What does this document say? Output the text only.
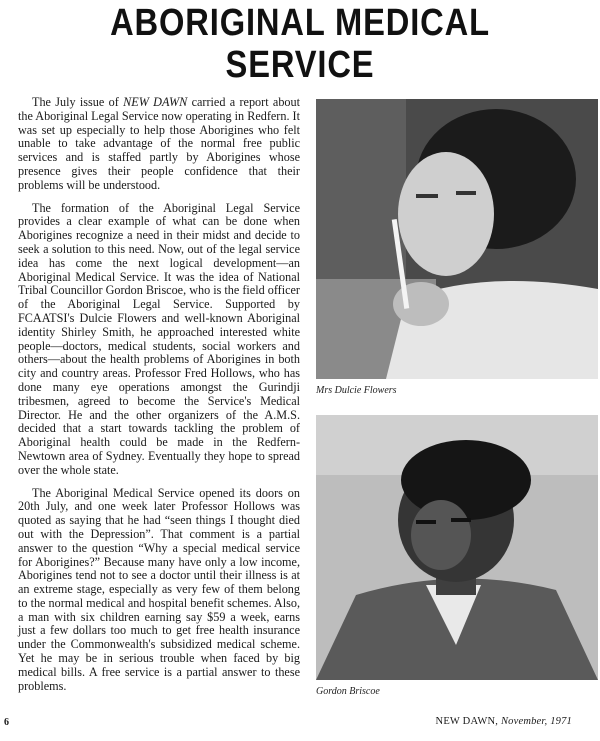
ABORIGINAL MEDICAL SERVICE

The July issue of NEW DAWN carried a report about the Aboriginal Legal Service now operating in Redfern. It was set up especially to help those Aborigines who felt unable to take advantage of the normal free public services and is staffed partly by Aborigines whose presence gives their people confidence that their problems will be understood.

The formation of the Aboriginal Legal Service provides a clear example of what can be done when Aborigines recognize a need in their midst and decide to seek a solution to this need. Now, out of the legal service idea has come the next logical development—an Aboriginal Medical Service. It was the idea of National Tribal Councillor Gordon Briscoe, who is the field officer of the Aboriginal Legal Service. Supported by FCAATSI's Dulcie Flowers and well-known Aboriginal identity Shirley Smith, he approached interested white people—doctors, medical students, social workers and others—about the health problems of Aborigines in both city and country areas. Professor Fred Hollows, who has done many eye operations amongst the Gurindji tribesmen, agreed to become the Service's Medical Director. He and the other organizers of the A.M.S. decided that a start towards tackling the problem of Aboriginal health could be made in the Redfern-Newtown area of Sydney. Eventually they hope to spread over the whole state.

The Aboriginal Medical Service opened its doors on 20th July, and one week later Professor Hollows was quoted as saying that he had “seen things I thought died out with the Depression”. That comment is a partial answer to the question “Why a special medical service for Aborigines?” Because many have only a low income, Aborigines tend not to see a doctor until their illness is at an extreme stage, especially as very few of them belong to the normal medical and hospital benefit schemes. Also, a man with six children earning say $59 a week, earns just a few dollars too much to get free health insurance under the Commonwealth's subsidized medical scheme. Yet he may be in serious trouble when faced by big medical bills. A free service is a partial answer to these problems.

Mrs Dulcie Flowers
Gordon Briscoe
6	NEW DAWN, November, 1971
